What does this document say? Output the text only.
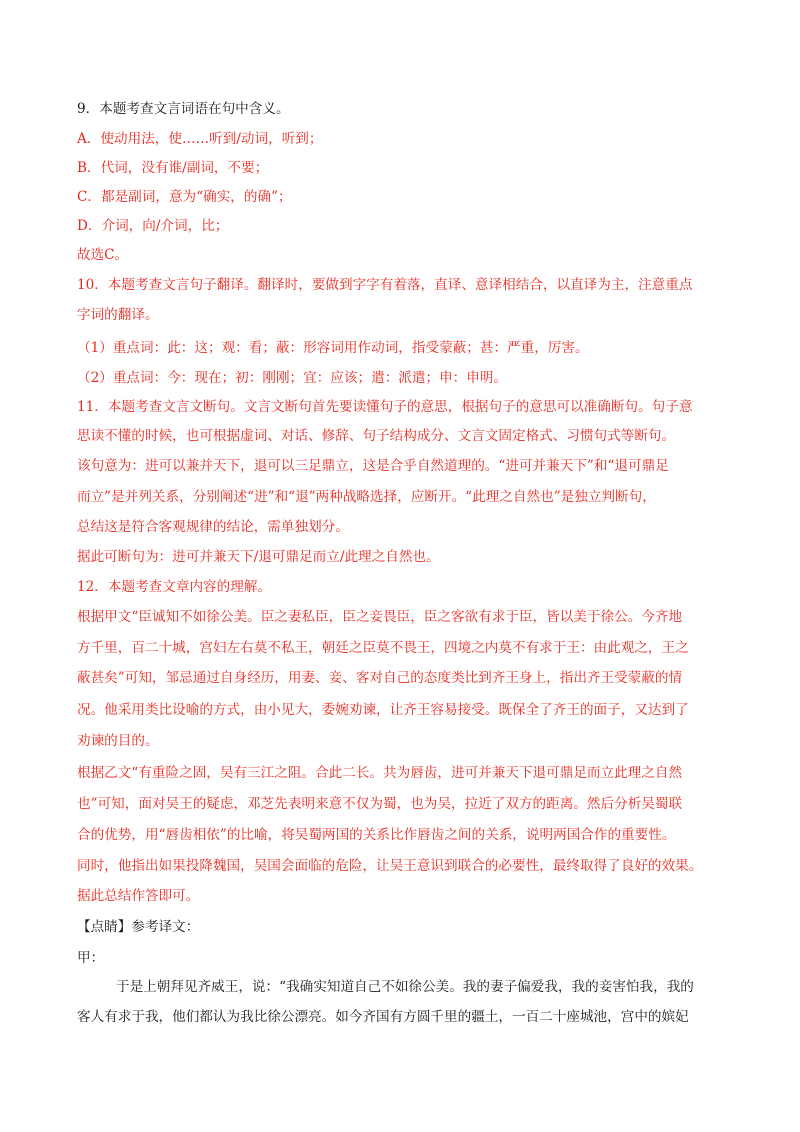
9．本题考查文言词语在句中含义。
A．使动用法，使……听到/动词，听到；
B．代词，没有谁/副词，不要；
C．都是副词，意为“确实，的确”；
D．介词，向/介词，比；
故选C。
10．本题考查文言句子翻译。翻译时，要做到字字有着落，直译、意译相结合，以直译为主，注意重点
字词的翻译。
（1）重点词：此：这；观：看；蔽：形容词用作动词，指受蒙蔽；甚：严重，厉害。
（2）重点词：今：现在；初：刚刚；宜：应该；遣：派遣；申：申明。
11．本题考查文言文断句。文言文断句首先要读懂句子的意思，根据句子的意思可以准确断句。句子意
思读不懂的时候，也可根据虚词、对话、修辞、句子结构成分、文言文固定格式、习惯句式等断句。
该句意为：进可以兼并天下，退可以三足鼎立，这是合乎自然道理的。“进可并兼天下”和“退可鼎足
而立”是并列关系，分别阐述“进”和“退”两种战略选择，应断开。“此理之自然也”是独立判断句，
总结这是符合客观规律的结论，需单独划分。
据此可断句为：进可并兼天下/退可鼎足而立/此理之自然也。
12．本题考查文章内容的理解。
根据甲文“臣诚知不如徐公美。臣之妻私臣，臣之妾畏臣，臣之客欲有求于臣，皆以美于徐公。今齐地
方千里，百二十城，宫妇左右莫不私王，朝廷之臣莫不畏王，四境之内莫不有求于王：由此观之，王之
蔽甚矣”可知，邹忌通过自身经历，用妻、妾、客对自己的态度类比到齐王身上，指出齐王受蒙蔽的情
况。他采用类比设喻的方式，由小见大，委婉劝谏，让齐王容易接受。既保全了齐王的面子，又达到了
劝谏的目的。
根据乙文“有重险之固，吴有三江之阻。合此二长。共为唇齿，进可并兼天下退可鼎足而立此理之自然
也”可知，面对吴王的疑虑，邓芝先表明来意不仅为蜀，也为吴，拉近了双方的距离。然后分析吴蜀联
合的优势，用“唇齿相依”的比喻，将吴蜀两国的关系比作唇齿之间的关系，说明两国合作的重要性。
同时，他指出如果投降魏国，吴国会面临的危险，让吴王意识到联合的必要性，最终取得了良好的效果。
据此总结作答即可。
【点睛】参考译文：
甲：
于是上朝拜见齐威王，说：“我确实知道自己不如徐公美。我的妻子偏爱我，我的妾害怕我，我的
客人有求于我，他们都认为我比徐公漂亮。如今齐国有方圆千里的疆土，一百二十座城池，宫中的嫔妃
